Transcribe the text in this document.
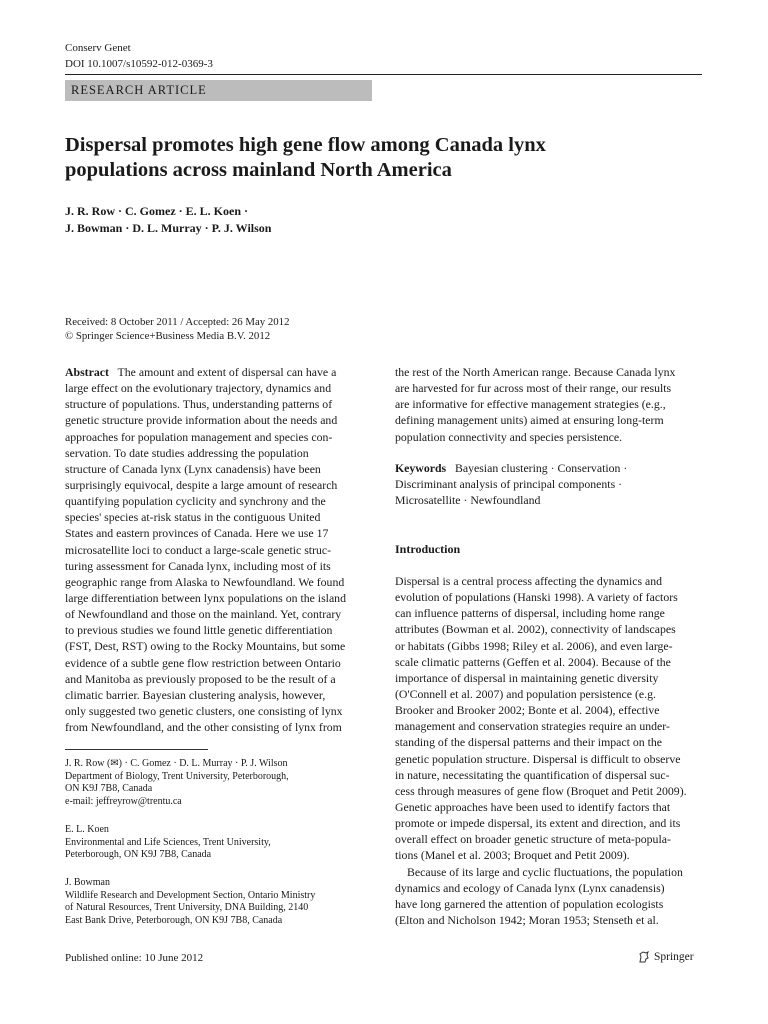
Conserv Genet
DOI 10.1007/s10592-012-0369-3
RESEARCH ARTICLE
Dispersal promotes high gene flow among Canada lynx
populations across mainland North America
J. R. Row · C. Gomez · E. L. Koen ·
J. Bowman · D. L. Murray · P. J. Wilson
Received: 8 October 2011 / Accepted: 26 May 2012
© Springer Science+Business Media B.V. 2012
Abstract  The amount and extent of dispersal can have a
large effect on the evolutionary trajectory, dynamics and
structure of populations. Thus, understanding patterns of
genetic structure provide information about the needs and
approaches for population management and species con-
servation. To date studies addressing the population
structure of Canada lynx (Lynx canadensis) have been
surprisingly equivocal, despite a large amount of research
quantifying population cyclicity and synchrony and the
species' species at-risk status in the contiguous United
States and eastern provinces of Canada. Here we use 17
microsatellite loci to conduct a large-scale genetic struc-
turing assessment for Canada lynx, including most of its
geographic range from Alaska to Newfoundland. We found
large differentiation between lynx populations on the island
of Newfoundland and those on the mainland. Yet, contrary
to previous studies we found little genetic differentiation
(FST, Dest, RST) owing to the Rocky Mountains, but some
evidence of a subtle gene flow restriction between Ontario
and Manitoba as previously proposed to be the result of a
climatic barrier. Bayesian clustering analysis, however,
only suggested two genetic clusters, one consisting of lynx
from Newfoundland, and the other consisting of lynx from
J. R. Row (✉) · C. Gomez · D. L. Murray · P. J. Wilson
Department of Biology, Trent University, Peterborough,
ON K9J 7B8, Canada
e-mail: jeffreyrow@trentu.ca
E. L. Koen
Environmental and Life Sciences, Trent University,
Peterborough, ON K9J 7B8, Canada
J. Bowman
Wildlife Research and Development Section, Ontario Ministry
of Natural Resources, Trent University, DNA Building, 2140
East Bank Drive, Peterborough, ON K9J 7B8, Canada
the rest of the North American range. Because Canada lynx
are harvested for fur across most of their range, our results
are informative for effective management strategies (e.g.,
defining management units) aimed at ensuring long-term
population connectivity and species persistence.
Keywords  Bayesian clustering · Conservation ·
Discriminant analysis of principal components ·
Microsatellite · Newfoundland
Introduction
Dispersal is a central process affecting the dynamics and
evolution of populations (Hanski 1998). A variety of factors
can influence patterns of dispersal, including home range
attributes (Bowman et al. 2002), connectivity of landscapes
or habitats (Gibbs 1998; Riley et al. 2006), and even large-
scale climatic patterns (Geffen et al. 2004). Because of the
importance of dispersal in maintaining genetic diversity
(O'Connell et al. 2007) and population persistence (e.g.
Brooker and Brooker 2002; Bonte et al. 2004), effective
management and conservation strategies require an under-
standing of the dispersal patterns and their impact on the
genetic population structure. Dispersal is difficult to observe
in nature, necessitating the quantification of dispersal suc-
cess through measures of gene flow (Broquet and Petit 2009).
Genetic approaches have been used to identify factors that
promote or impede dispersal, its extent and direction, and its
overall effect on broader genetic structure of meta-popula-
tions (Manel et al. 2003; Broquet and Petit 2009).
Because of its large and cyclic fluctuations, the population
dynamics and ecology of Canada lynx (Lynx canadensis)
have long garnered the attention of population ecologists
(Elton and Nicholson 1942; Moran 1953; Stenseth et al.
Published online: 10 June 2012	Springer
